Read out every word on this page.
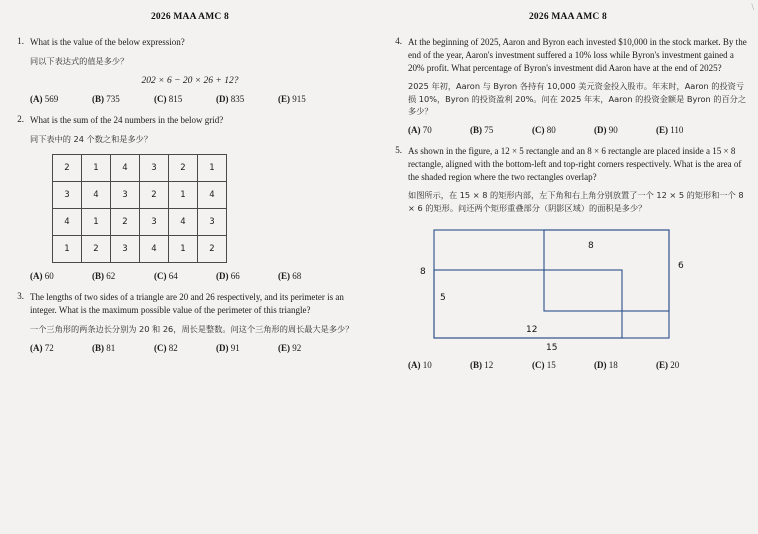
\
2026 MAA AMC 8
1. What is the value of the below expression?
同以下表达式的值是多少？
202 × 6 − 20 × 26 + 12?
(A) 569	(B) 735	(C) 815	(D) 835	(E) 915
2. What is the sum of the 24 numbers in the below grid?
同下表中的 24 个数之和是多少？
2	1	4	3	2	1
3	4	3	2	1	4
4	1	2	3	4	3
1	2	3	4	1	2
(A) 60	(B) 62	(C) 64	(D) 66	(E) 68
3. The lengths of two sides of a triangle are 20 and 26 respectively, and its perimeter is an integer. What is the maximum possible value of the perimeter of this triangle?
一个三角形的两条边长分别为 20 和 26，周长是整数。问这个三角形的周长最大是多少？
(A) 72	(B) 81	(C) 82	(D) 91	(E) 92
2026 MAA AMC 8
4. At the beginning of 2025, Aaron and Byron each invested $10,000 in the stock market. By the end of the year, Aaron's investment suffered a 10% loss while Byron's investment gained a 20% profit. What percentage of Byron's investment did Aaron have at the end of 2025?
2025 年初，Aaron 与 Byron 各持有 10,000 美元资金投入股市。年末时，Aaron 的投资亏损 10%，Byron 的投资盈利 20%。问在 2025 年末，Aaron 的投资金额是 Byron 的百分之多少？
(A) 70	(B) 75	(C) 80	(D) 90	(E) 110
5. As shown in the figure, a 12 × 5 rectangle and an 8 × 6 rectangle are placed inside a 15 × 8 rectangle, aligned with the bottom-left and top-right corners respectively. What is the area of the shaded region where the two rectangles overlap?
如图所示，在 15 × 8 的矩形内部，左下角和右上角分别放置了一个 12 × 5 的矩形和一个 8 × 6 的矩形。问还两个矩形重叠部分（阴影区域）的面积是多少？
8
6
8
5
12
15
(A) 10	(B) 12	(C) 15	(D) 18	(E) 20
